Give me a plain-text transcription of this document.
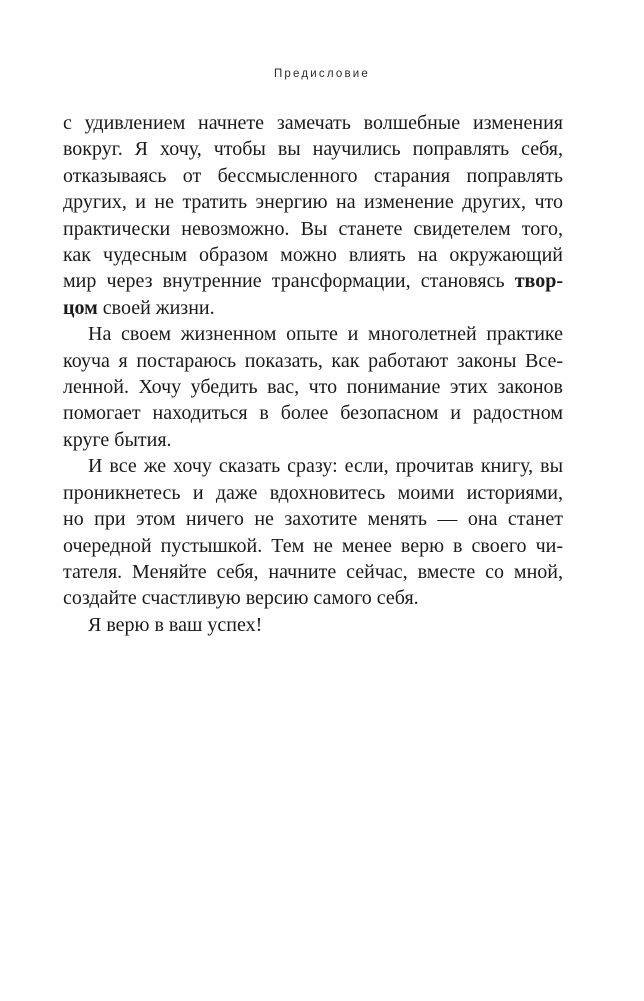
Предисловие

с удивлением начнете замечать волшебные изменения
вокруг. Я хочу, чтобы вы научились поправлять себя,
отказываясь от бессмысленного старания поправлять
других, и не тратить энергию на изменение других, что
практически невозможно. Вы станете свидетелем того,
как чудесным образом можно влиять на окружающий
мир через внутренние трансформации, становясь твор-
цом своей жизни.

На своем жизненном опыте и многолетней практике
коуча я постараюсь показать, как работают законы Все-
ленной. Хочу убедить вас, что понимание этих законов
помогает находиться в более безопасном и радостном
круге бытия.

И все же хочу сказать сразу: если, прочитав книгу, вы
проникнетесь и даже вдохновитесь моими историями,
но при этом ничего не захотите менять — она станет
очередной пустышкой. Тем не менее верю в своего чи-
тателя. Меняйте себя, начните сейчас, вместе со мной,
создайте счастливую версию самого себя.

Я верю в ваш успех!
